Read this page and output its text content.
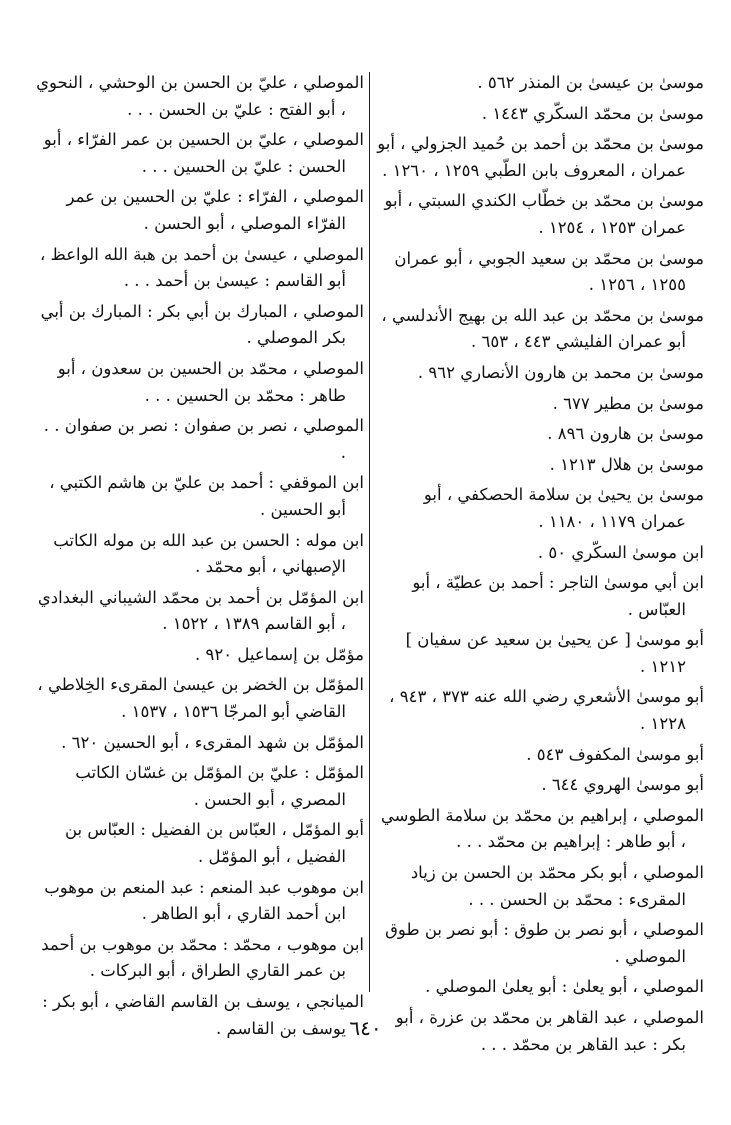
موسىٰ بن عيسىٰ بن المنذر ٥٦٢ .

موسىٰ بن محمّد السكّري ١٤٤٣ .

موسىٰ بن محمّد بن أحمد بن حُميد الجزولي ، أبو عمران ، المعروف بابن الطّبي ١٢٥٩ ، ١٢٦٠ .

موسىٰ بن محمّد بن خطّاب الكندي السبتي ، أبو عمران ١٢٥٣ ، ١٢٥٤ .

موسىٰ بن محمّد بن سعيد الجوبي ، أبو عمران ١٢٥٥ ، ١٢٥٦ .

موسىٰ بن محمّد بن عبد الله بن بهيج الأندلسي ، أبو عمران الفليشي ٤٤٣ ، ٦٥٣ .

موسىٰ بن محمد بن هارون الأنصاري ٩٦٢ .

موسىٰ بن مطير ٦٧٧ .

موسىٰ بن هارون ٨٩٦ .

موسىٰ بن هلال ١٢١٣ .

موسىٰ بن يحيىٰ بن سلامة الحصكفي ، أبو عمران ١١٧٩ ، ١١٨٠ .

ابن موسىٰ السكّري ٥٠ .

ابن أبي موسىٰ التاجر : أحمد بن عطيّة ، أبو العبّاس .

أبو موسىٰ [ عن يحيىٰ بن سعيد عن سفيان ] ١٢١٢ .

أبو موسىٰ الأشعري رضي الله عنه ٣٧٣ ، ٩٤٣ ، ١٢٢٨ .

أبو موسىٰ المكفوف ٥٤٣ .

أبو موسىٰ الهروي ٦٤٤ .

الموصلي ، إبراهيم بن محمّد بن سلامة الطوسي ، أبو طاهر : إبراهيم بن محمّد . . .

الموصلي ، أبو بكر محمّد بن الحسن بن زياد المقرىء : محمّد بن الحسن . . .

الموصلي ، أبو نصر بن طوق : أبو نصر بن طوق الموصلي .

الموصلي ، أبو يعلىٰ : أبو يعلىٰ الموصلي .

الموصلي ، عبد القاهر بن محمّد بن عزرة ، أبو بكر : عبد القاهر بن محمّد . . .

الموصلي ، عليّ بن الحسن بن الوحشي ، النحوي ، أبو الفتح : عليّ بن الحسن . . .

الموصلي ، عليّ بن الحسين بن عمر الفرّاء ، أبو الحسن : عليّ بن الحسين . . .

الموصلي ، الفرّاء : عليّ بن الحسين بن عمر الفرّاء الموصلي ، أبو الحسن .

الموصلي ، عيسىٰ بن أحمد بن هبة الله الواعظ ، أبو القاسم : عيسىٰ بن أحمد . . .

الموصلي ، المبارك بن أبي بكر : المبارك بن أبي بكر الموصلي .

الموصلي ، محمّد بن الحسين بن سعدون ، أبو طاهر : محمّد بن الحسين . . .

الموصلي ، نصر بن صفوان : نصر بن صفوان . . .

ابن الموقفي : أحمد بن عليّ بن هاشم الكتبي ، أبو الحسين .

ابن موله : الحسن بن عبد الله بن موله الكاتب الإصبهاني ، أبو محمّد .

ابن المؤمّل بن أحمد بن محمّد الشيباني البغدادي ، أبو القاسم ١٣٨٩ ، ١٥٢٢ .

مؤمّل بن إسماعيل ٩٢٠ .

المؤمّل بن الخضر بن عيسىٰ المقرىء الخِلاطي ، القاضي أبو المرجّا ١٥٣٦ ، ١٥٣٧ .

المؤمّل بن شهد المقرىء ، أبو الحسين ٦٢٠ .

المؤمّل : عليّ بن المؤمّل بن غسّان الكاتب المصري ، أبو الحسن .

أبو المؤمّل ، العبّاس بن الفضيل : العبّاس بن الفضيل ، أبو المؤمّل .

ابن موهوب عبد المنعم : عبد المنعم بن موهوب ابن أحمد القاري ، أبو الطاهر .

ابن موهوب ، محمّد : محمّد بن موهوب بن أحمد بن عمر القاري الطراق ، أبو البركات .

الميانجي ، يوسف بن القاسم القاضي ، أبو بكر : يوسف بن القاسم . ٦٤٠
